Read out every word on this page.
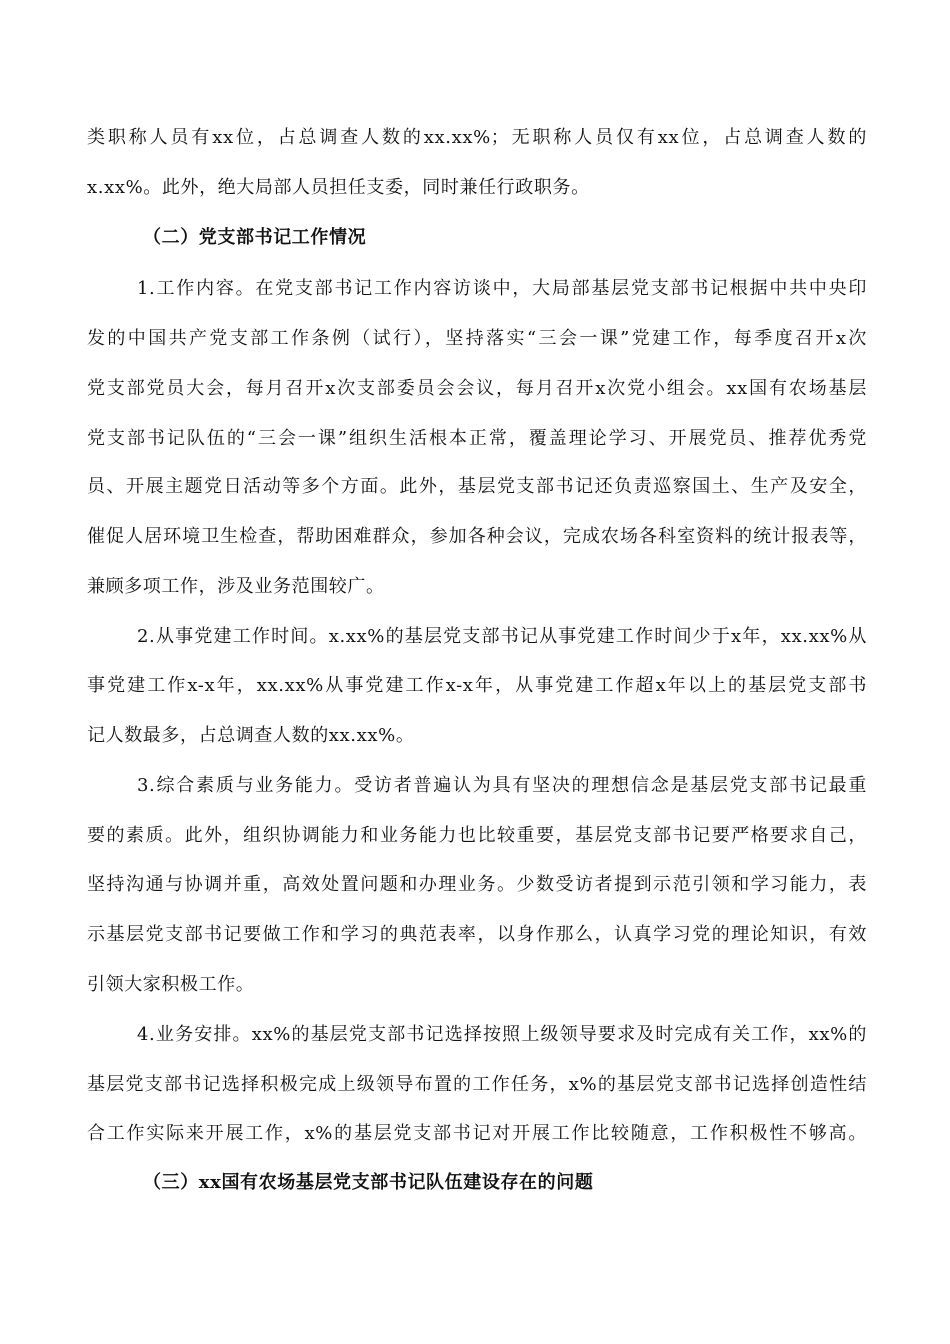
类职称人员有xx位，占总调查人数的xx.xx%；无职称人员仅有xx位，占总调查人数的
x.xx%。此外，绝大局部人员担任支委，同时兼任行政职务。
（二）党支部书记工作情况
1.工作内容。在党支部书记工作内容访谈中，大局部基层党支部书记根据中共中央印
发的中国共产党支部工作条例（试行），坚持落实“三会一课”党建工作，每季度召开x次
党支部党员大会，每月召开x次支部委员会会议，每月召开x次党小组会。xx国有农场基层
党支部书记队伍的“三会一课”组织生活根本正常，覆盖理论学习、开展党员、推荐优秀党
员、开展主题党日活动等多个方面。此外，基层党支部书记还负责巡察国土、生产及安全，
催促人居环境卫生检查，帮助困难群众，参加各种会议，完成农场各科室资料的统计报表等，
兼顾多项工作，涉及业务范围较广。
2.从事党建工作时间。x.xx%的基层党支部书记从事党建工作时间少于x年，xx.xx%从
事党建工作x-x年，xx.xx%从事党建工作x-x年，从事党建工作超x年以上的基层党支部书
记人数最多，占总调查人数的xx.xx%。
3.综合素质与业务能力。受访者普遍认为具有坚决的理想信念是基层党支部书记最重
要的素质。此外，组织协调能力和业务能力也比较重要，基层党支部书记要严格要求自己，
坚持沟通与协调并重，高效处置问题和办理业务。少数受访者提到示范引领和学习能力，表
示基层党支部书记要做工作和学习的典范表率，以身作那么，认真学习党的理论知识，有效
引领大家积极工作。
4.业务安排。xx%的基层党支部书记选择按照上级领导要求及时完成有关工作，xx%的
基层党支部书记选择积极完成上级领导布置的工作任务，x%的基层党支部书记选择创造性结
合工作实际来开展工作，x%的基层党支部书记对开展工作比较随意，工作积极性不够高。
（三）xx国有农场基层党支部书记队伍建设存在的问题
